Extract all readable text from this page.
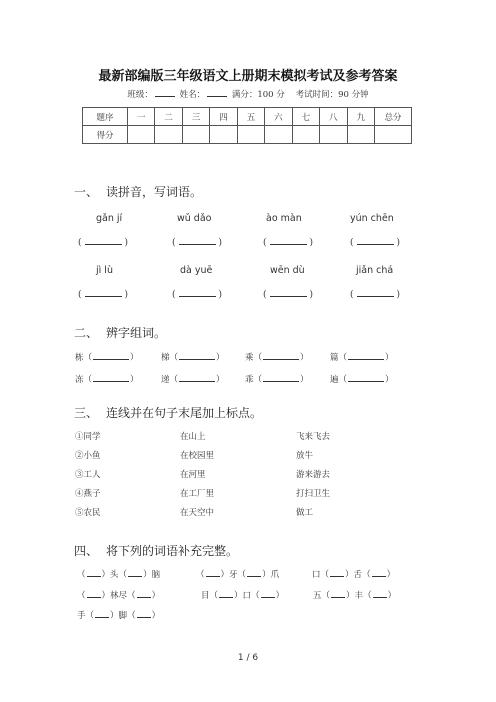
最新部编版三年级语文上册期末模拟考试及参考答案
班级：	姓名：	满分：100 分 考试时间：90 分钟
题序	一	二	三	四	五	六	七	八	九	总分
得分										
一、 读拼音，写词语。
gǎn jí	wǔ dǎo	ào màn	yún chēn
(	)	(	)	(	)	(	)
jì lù	dà yuē	wēn dù	jiǎn chá
(	)	(	)	(	)	(	)
二、 辨字组词。
栋（	）	梯（	） 乘（	）	篇（	）
冻（	）	递（	） 乖（	）	遍（	）
三、 连线并在句子末尾加上标点。
①同学	在山上	飞来飞去
②小鱼	在校园里	放牛
③工人	在河里	游来游去
④燕子	在工厂里	打扫卫生
⑤农民	在天空中	做工
四、 将下列的词语补充完整。
（ ）头（ ）脑	（ ）牙（ ）爪	口（ ）舌（ ）
（ ）林尽（ ）	目（ ）口（ ）	五（ ）丰（ ）
手（ ）脚（ ）
1 / 6
